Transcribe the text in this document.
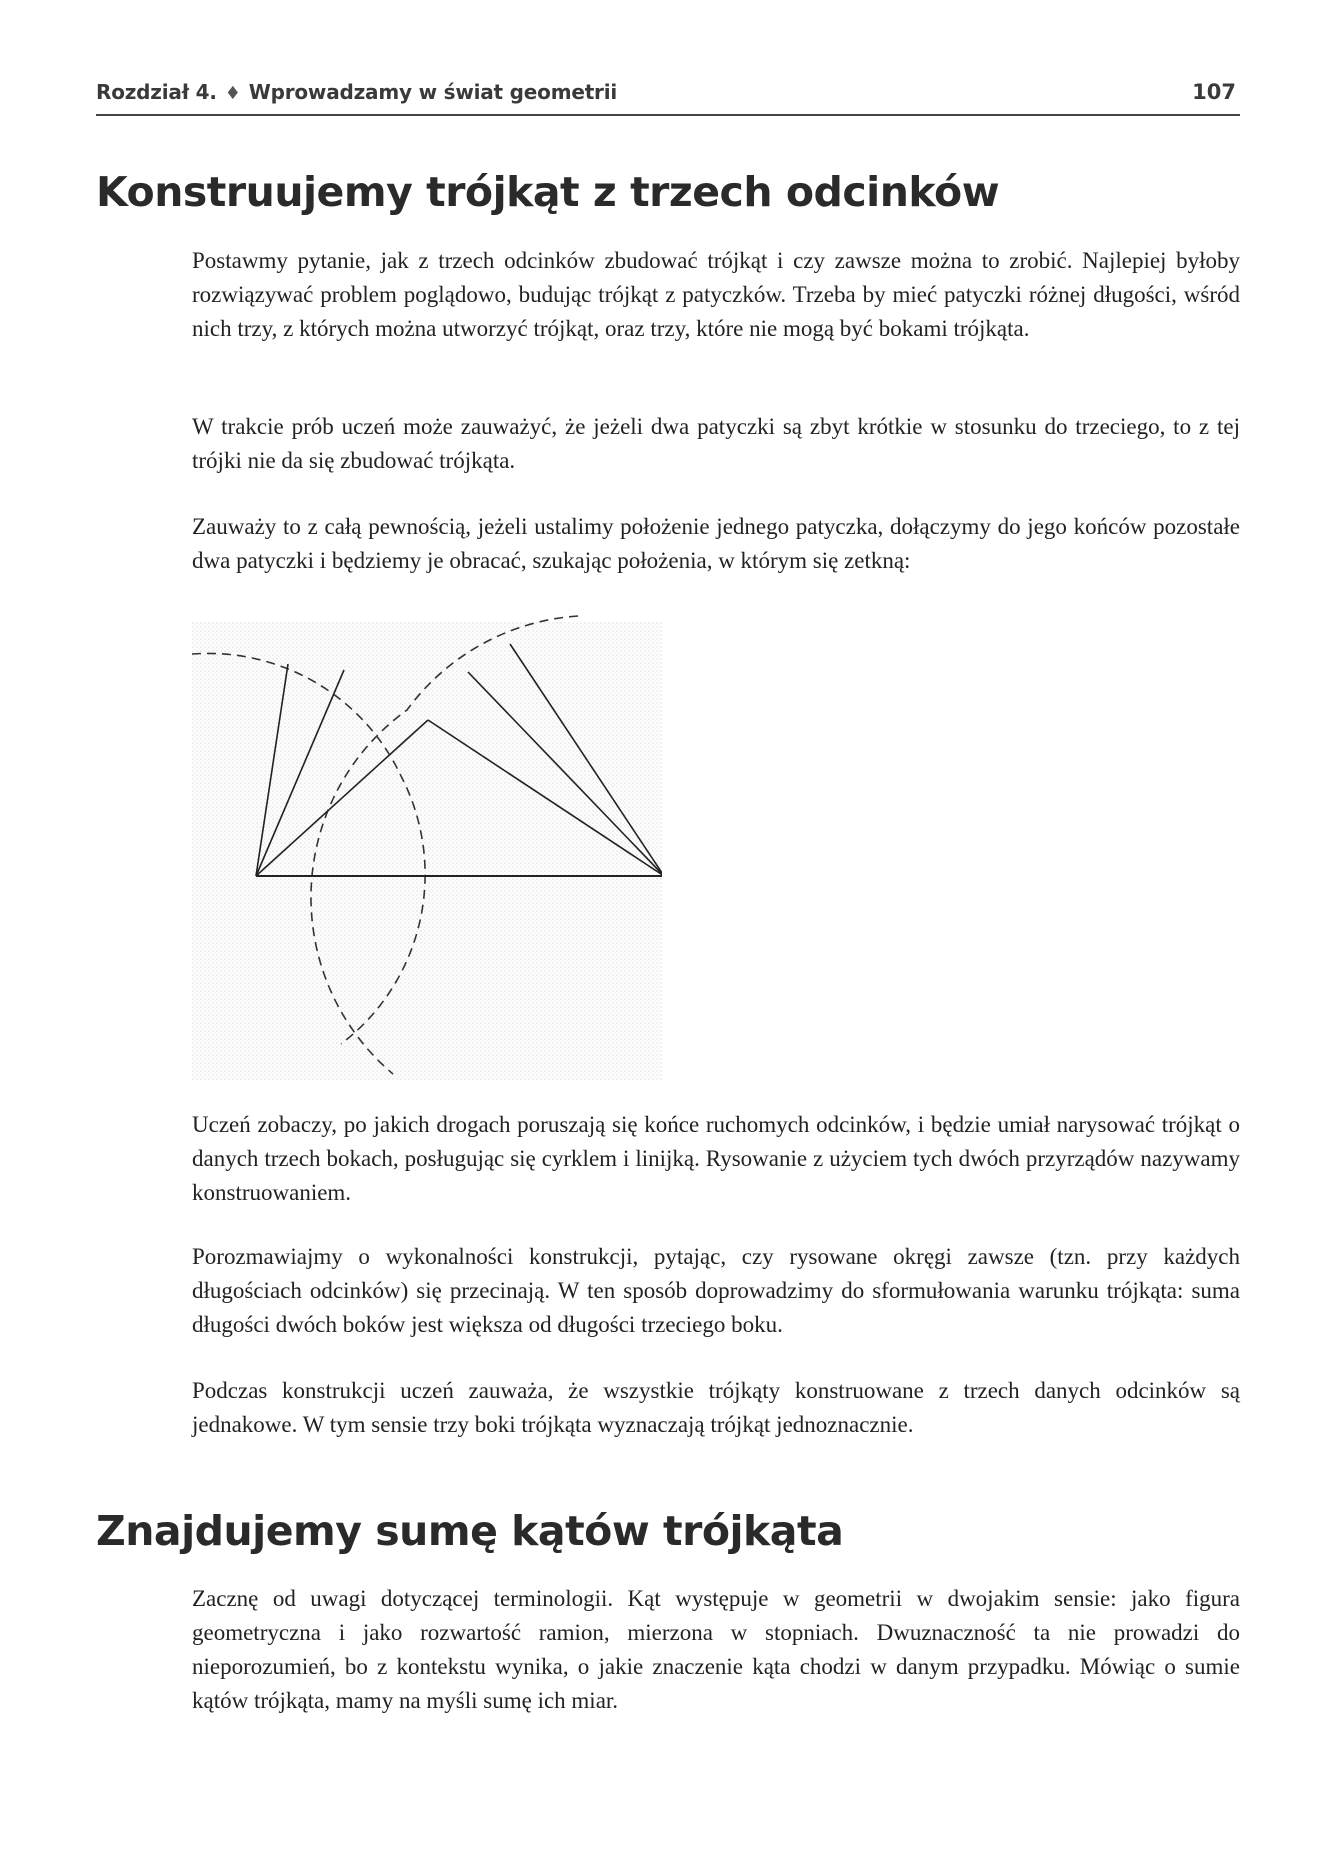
Rozdział 4. ♦ Wprowadzamy w świat geometrii	107
Konstruujemy trójkąt z trzech odcinków

Postawmy pytanie, jak z trzech odcinków zbudować trójkąt i czy zawsze można to zrobić. Najlepiej byłoby rozwiązywać problem poglądowo, budując trójkąt z patyczków. Trzeba by mieć patyczki różnej długości, wśród nich trzy, z których można utworzyć trójkąt, oraz trzy, które nie mogą być bokami trójkąta.

W trakcie prób uczeń może zauważyć, że jeżeli dwa patyczki są zbyt krótkie w stosunku do trzeciego, to z tej trójki nie da się zbudować trójkąta.

Zauważy to z całą pewnością, jeżeli ustalimy położenie jednego patyczka, dołączymy do jego końców pozostałe dwa patyczki i będziemy je obracać, szukając położenia, w którym się zetkną:

Uczeń zobaczy, po jakich drogach poruszają się końce ruchomych odcinków, i będzie umiał narysować trójkąt o danych trzech bokach, posługując się cyrklem i linijką. Rysowanie z użyciem tych dwóch przyrządów nazywamy konstruowaniem.

Porozmawiajmy o wykonalności konstrukcji, pytając, czy rysowane okręgi zawsze (tzn. przy każdych długościach odcinków) się przecinają. W ten sposób doprowadzimy do sformułowania warunku trójkąta: suma długości dwóch boków jest większa od długości trzeciego boku.

Podczas konstrukcji uczeń zauważa, że wszystkie trójkąty konstruowane z trzech danych odcinków są jednakowe. W tym sensie trzy boki trójkąta wyznaczają trójkąt jednoznacznie.

Znajdujemy sumę kątów trójkąta

Zacznę od uwagi dotyczącej terminologii. Kąt występuje w geometrii w dwojakim sensie: jako figura geometryczna i jako rozwartość ramion, mierzona w stopniach. Dwuznaczność ta nie prowadzi do nieporozumień, bo z kontekstu wynika, o jakie znaczenie kąta chodzi w danym przypadku. Mówiąc o sumie kątów trójkąta, mamy na myśli sumę ich miar.
